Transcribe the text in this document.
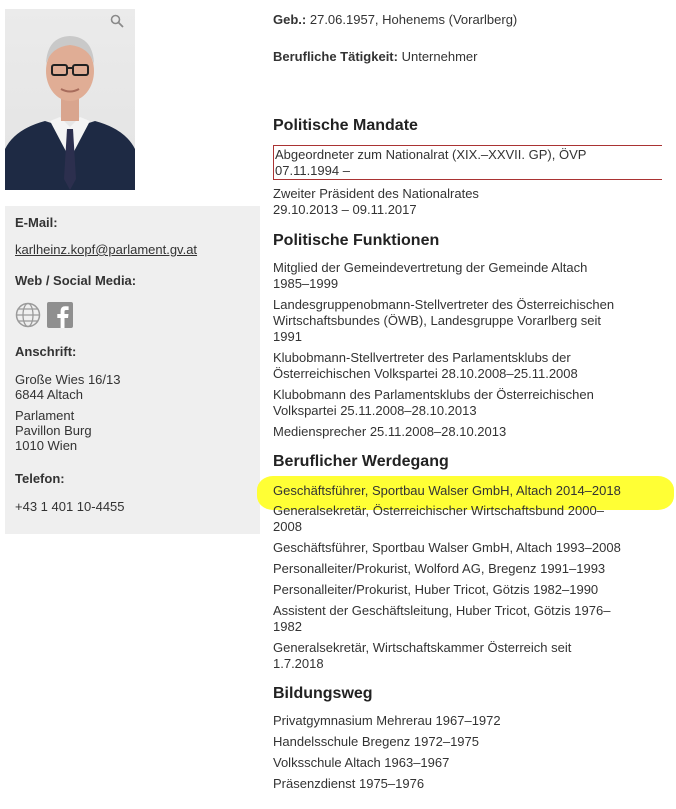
E-Mail:
karlheinz.kopf@parlament.gv.at
Web / Social Media:
Anschrift:
Große Wies 16/13
6844 Altach
Parlament
Pavillon Burg
1010 Wien
Telefon:
+43 1 401 10-4455
Geb.: 27.06.1957, Hohenems (Vorarlberg)
Berufliche Tätigkeit: Unternehmer
Politische Mandate
Abgeordneter zum Nationalrat (XIX.–XXVII. GP), ÖVP
07.11.1994 –
Zweiter Präsident des Nationalrates
29.10.2013 – 09.11.2017
Politische Funktionen
Mitglied der Gemeindevertretung der Gemeinde Altach
1985–1999
Landesgruppenobmann-Stellvertreter des Österreichischen
Wirtschaftsbundes (ÖWB), Landesgruppe Vorarlberg seit
1991
Klubobmann-Stellvertreter des Parlamentsklubs der
Österreichischen Volkspartei 28.10.2008–25.11.2008
Klubobmann des Parlamentsklubs der Österreichischen
Volkspartei 25.11.2008–28.10.2013
Mediensprecher 25.11.2008–28.10.2013
Beruflicher Werdegang
Geschäftsführer, Sportbau Walser GmbH, Altach 2014–2018
Generalsekretär, Österreichischer Wirtschaftsbund 2000–
2008
Geschäftsführer, Sportbau Walser GmbH, Altach 1993–2008
Personalleiter/Prokurist, Wolford AG, Bregenz 1991–1993
Personalleiter/Prokurist, Huber Tricot, Götzis 1982–1990
Assistent der Geschäftsleitung, Huber Tricot, Götzis 1976–
1982
Generalsekretär, Wirtschaftskammer Österreich seit
1.7.2018
Bildungsweg
Privatgymnasium Mehrerau 1967–1972
Handelsschule Bregenz 1972–1975
Volksschule Altach 1963–1967
Präsenzdienst 1975–1976
